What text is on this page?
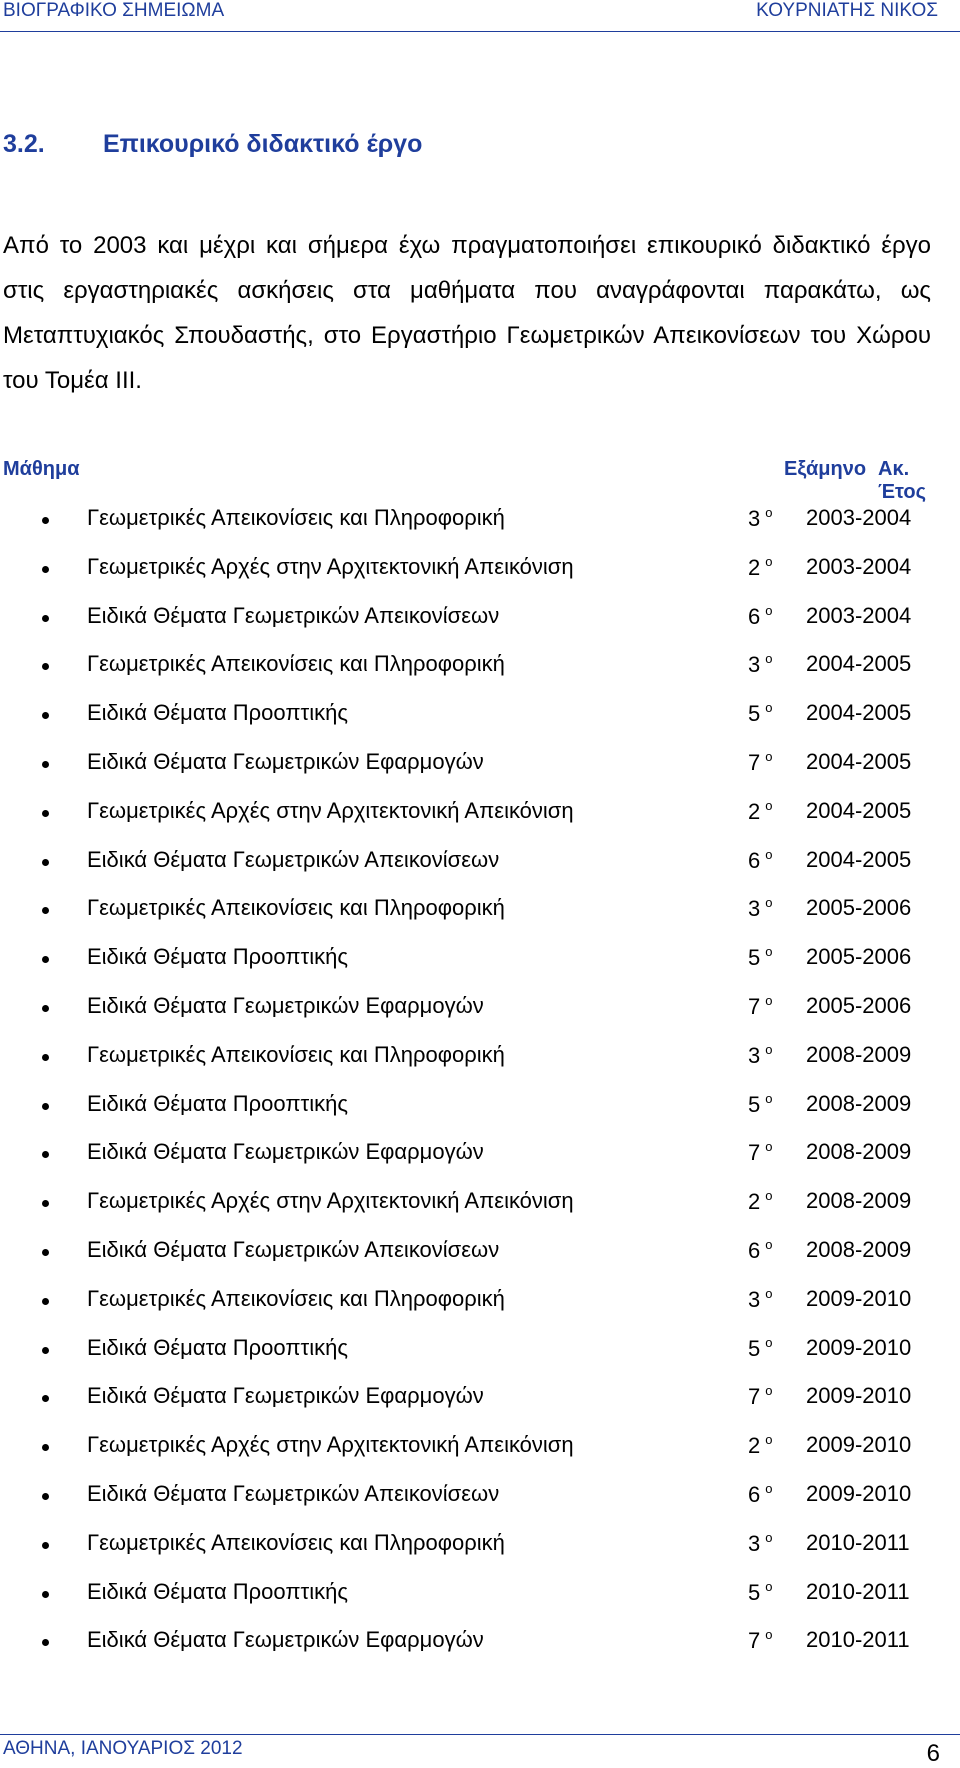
ΒΙΟΓΡΑΦΙΚΟ ΣΗΜΕΙΩΜΑ	ΚΟΥΡΝΙΑΤΗΣ ΝΙΚΟΣ
3.2. Επικουρικό διδακτικό έργο

Από το 2003 και μέχρι και σήμερα έχω πραγματοποιήσει επικουρικό διδακτικό έργο στις εργαστηριακές ασκήσεις στα μαθήματα που αναγράφονται παρακάτω, ως Μεταπτυχιακός Σπουδαστής, στο Εργαστήριο Γεωμετρικών Απεικονίσεων του Χώρου του Τομέα ΙΙΙ.

Μάθημα	Εξάμηνο Ακ. Έτος
Γεωμετρικές Απεικονίσεις και Πληροφορική	3 $^o$ 2003-2004
Γεωμετρικές Αρχές στην Αρχιτεκτονική Απεικόνιση	2 $^o$ 2003-2004
Ειδικά Θέματα Γεωμετρικών Απεικονίσεων	6 $^o$ 2003-2004
Γεωμετρικές Απεικονίσεις και Πληροφορική	3 $^o$ 2004-2005
Ειδικά Θέματα Προοπτικής	5 $^o$ 2004-2005
Ειδικά Θέματα Γεωμετρικών Εφαρμογών	7 $^o$ 2004-2005
Γεωμετρικές Αρχές στην Αρχιτεκτονική Απεικόνιση	2 $^o$ 2004-2005
Ειδικά Θέματα Γεωμετρικών Απεικονίσεων	6 $^o$ 2004-2005
Γεωμετρικές Απεικονίσεις και Πληροφορική	3 $^o$ 2005-2006
Ειδικά Θέματα Προοπτικής	5 $^o$ 2005-2006
Ειδικά Θέματα Γεωμετρικών Εφαρμογών	7 $^o$ 2005-2006
Γεωμετρικές Απεικονίσεις και Πληροφορική	3 $^o$ 2008-2009
Ειδικά Θέματα Προοπτικής	5 $^o$ 2008-2009
Ειδικά Θέματα Γεωμετρικών Εφαρμογών	7 $^o$ 2008-2009
Γεωμετρικές Αρχές στην Αρχιτεκτονική Απεικόνιση	2 $^o$ 2008-2009
Ειδικά Θέματα Γεωμετρικών Απεικονίσεων	6 $^o$ 2008-2009
Γεωμετρικές Απεικονίσεις και Πληροφορική	3 $^o$ 2009-2010
Ειδικά Θέματα Προοπτικής	5 $^o$ 2009-2010
Ειδικά Θέματα Γεωμετρικών Εφαρμογών	7 $^o$ 2009-2010
Γεωμετρικές Αρχές στην Αρχιτεκτονική Απεικόνιση	2 $^o$ 2009-2010
Ειδικά Θέματα Γεωμετρικών Απεικονίσεων	6 $^o$ 2009-2010
Γεωμετρικές Απεικονίσεις και Πληροφορική	3 $^o$ 2010-2011
Ειδικά Θέματα Προοπτικής	5 $^o$ 2010-2011
Ειδικά Θέματα Γεωμετρικών Εφαρμογών	7 $^o$ 2010-2011
ΑΘΗΝΑ, ΙΑΝΟΥΑΡΙΟΣ 2012	6
